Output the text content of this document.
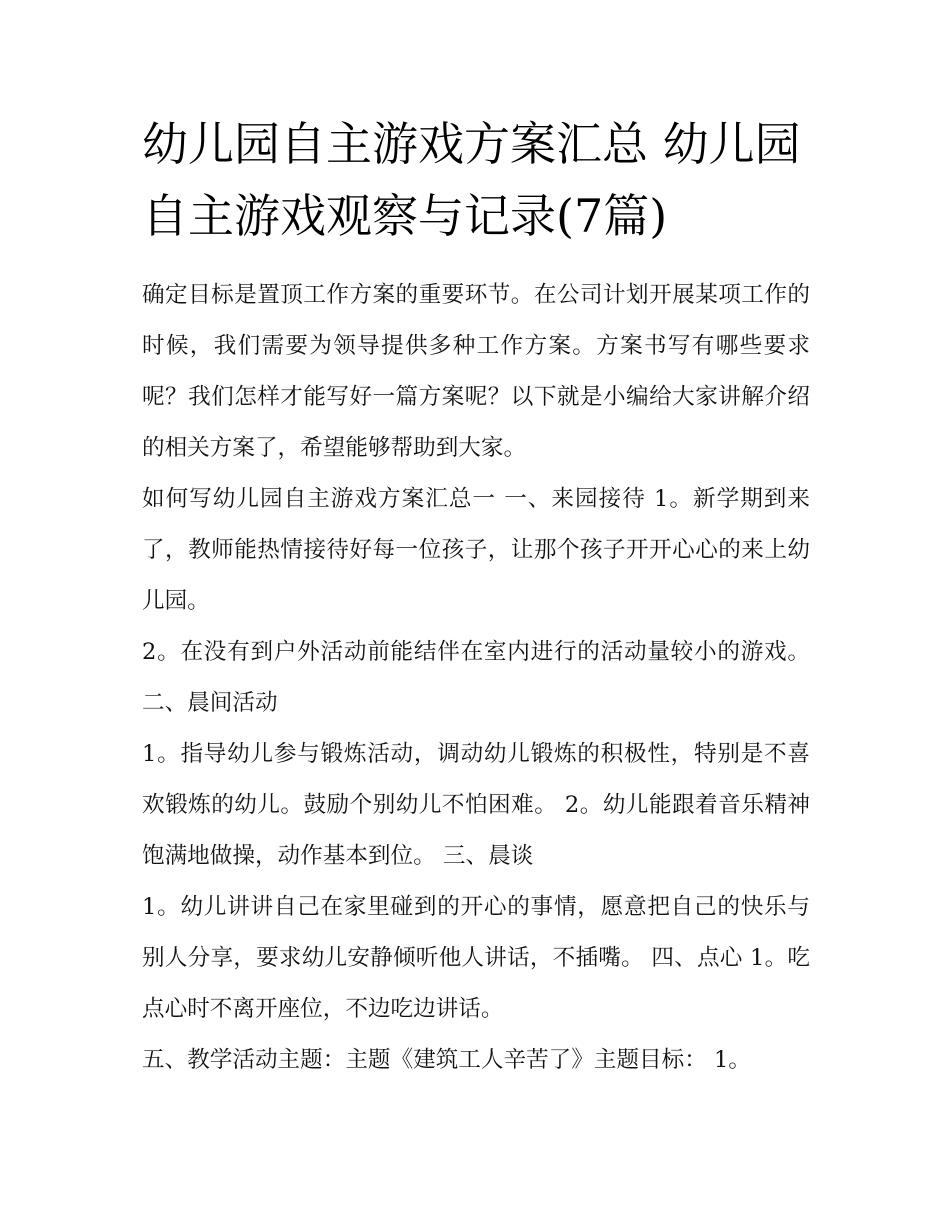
幼儿园自主游戏方案汇总 幼儿园自主游戏观察与记录(7篇)

确定目标是置顶工作方案的重要环节。在公司计划开展某项工作的时候，我们需要为领导提供多种工作方案。方案书写有哪些要求呢？我们怎样才能写好一篇方案呢？以下就是小编给大家讲解介绍的相关方案了，希望能够帮助到大家。

如何写幼儿园自主游戏方案汇总一 一、来园接待 1。新学期到来了，教师能热情接待好每一位孩子，让那个孩子开开心心的来上幼儿园。

2。在没有到户外活动前能结伴在室内进行的活动量较小的游戏。 二、晨间活动

1。指导幼儿参与锻炼活动，调动幼儿锻炼的积极性，特别是不喜欢锻炼的幼儿。鼓励个别幼儿不怕困难。 2。幼儿能跟着音乐精神饱满地做操，动作基本到位。 三、晨谈

1。幼儿讲讲自己在家里碰到的开心的事情，愿意把自己的快乐与别人分享，要求幼儿安静倾听他人讲话，不插嘴。 四、点心 1。吃点心时不离开座位，不边吃边讲话。

五、教学活动主题：主题《建筑工人辛苦了》主题目标： 1。
